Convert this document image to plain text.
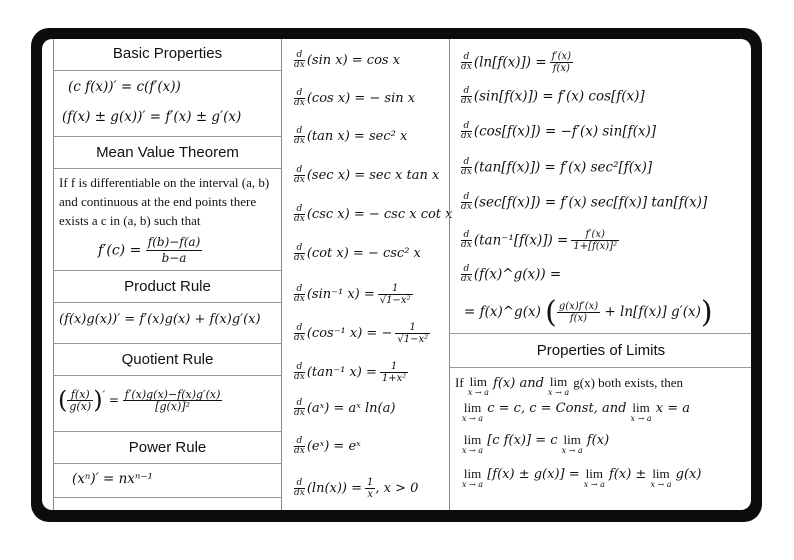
Basic Properties
(c f(x))′ = c(f′(x))
(f(x) ± g(x))′ = f′(x) ± g′(x)
Mean Value Theorem
If f is differentiable on the interval (a, b) and continuous at the end points there exists a c in (a, b) such that
$f'(c) = \frac{f(b)-f(a)}{b-a}$
Product Rule
(f(x)g(x))′ = f′(x)g(x) + f(x)g′(x)
Quotient Rule
( $\frac{f(x)}{g(x)} )' = \frac{f'(x)g(x)-f(x)g'(x)}{\text{[g(x)]²}}$
Power Rule
(xⁿ)′ = nxⁿ⁻¹
$\frac{d}{dx} (\sin$ x) = cos x
$\frac{d}{dx} (\cos$ x) = − sin x
$\frac{d}{dx} (\tan$ x) = sec² x
$\frac{d}{dx} (\sec$ x) = sec x tan x
$\frac{d}{dx} (\csc$ x) = − csc x cot x
$\frac{d}{dx} (\cot$ x) = − csc² x
$\frac{d}{dx} (\sin^{-1}$ $x) = \frac{1}{\text{√1−x²}}$
$\frac{d}{dx} (\cos^{-1}$ x) = − $\frac{1}{\text{√1−x²}}$
$\frac{d}{dx} (\tan^{-1}$ $x) = \frac{1}{\text{1+x²}}$
$\frac{d}{dx}$ (aˣ) = aˣ ln(a)
$\frac{d}{dx}$ (eˣ) = eˣ
$\frac{d}{dx} (\ln(x)) = \frac{1}{x}$ , x > 0
$\frac{d}{dx} (\ln[f(x)]) = \frac{f'(x)}{f(x)}$
$\frac{d}{dx} (\sin[f(x)]) = f'(x)$ cos[f(x)]
$\frac{d}{dx} (\cos[f(x)]) = -f'(x)$ sin[f(x)]
$\frac{d}{dx} (\tan[f(x)]) = f'(x)$ sec²[f(x)]
$\frac{d}{dx} (\sec[f(x)]) = f'(x)$ sec[f(x)] tan[f(x)]
$\frac{d}{dx} (\tan^{-1}[f(x)]) = \frac{f'(x)}{\text{1+[f(x)]²}}$
$\frac{d}{dx}$ (f(x)^g(x)) =
= f(x)^g(x) ( $\frac{g(x)f'(x)}{f(x)} + \ln[f(x)]$ g′(x))
Properties of Limits
If lim
x → a
f(x) and lim
x → a
g(x) both exists, then
lim
x → a
c = c, c = Const, and lim
x → a
x = a
lim
x → a
[c f(x)] = c lim
x → a
f(x)
lim
x → a
[f(x) ± g(x)] = lim
x → a
f(x) ± lim
x → a
g(x)
